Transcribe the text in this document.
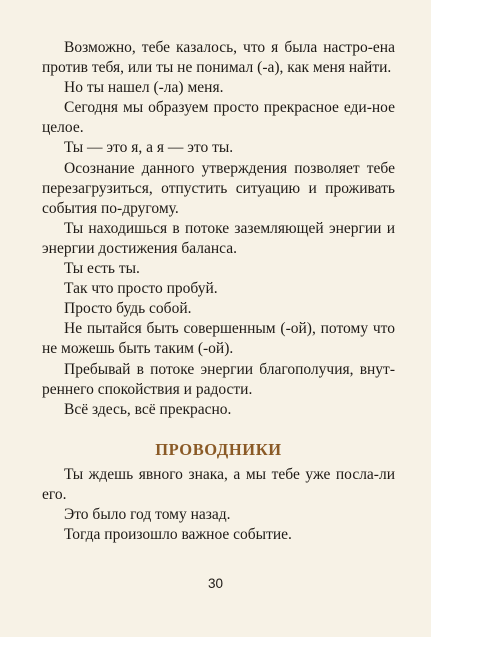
Возможно, тебе казалось, что я была настро-ена против тебя, или ты не понимал (-а), как меня найти.

Но ты нашел (-ла) меня.

Сегодня мы образуем просто прекрасное еди-ное целое.

Ты — это я, а я — это ты.

Осознание данного утверждения позволяет тебе перезагрузиться, отпустить ситуацию и проживать события по-другому.

Ты находишься в потоке заземляющей энергии и энергии достижения баланса.

Ты есть ты.

Так что просто пробуй.

Просто будь собой.

Не пытайся быть совершенным (-ой), потому что не можешь быть таким (-ой).

Пребывай в потоке энергии благополучия, внут-реннего спокойствия и радости.

Всё здесь, всё прекрасно.

ПРОВОДНИКИ

Ты ждешь явного знака, а мы тебе уже посла-ли его.

Это было год тому назад.

Тогда произошло важное событие.

30
